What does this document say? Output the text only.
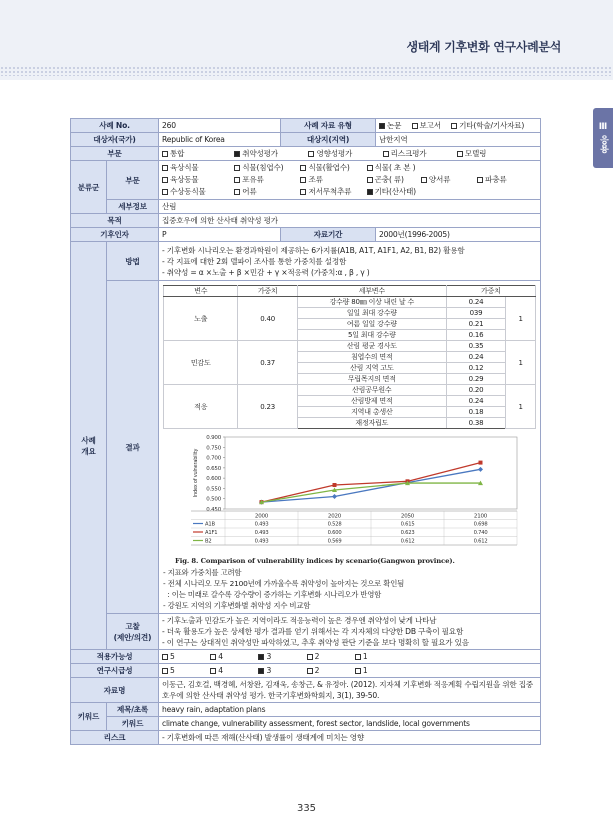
생태계 기후변화 연구사례분석
Ⅲ 응용
사례 No.	260	사례 자료 유형	논문 보고서 기타(학술/기사자료)
대상자(국가)	Republic of Korea	대상지(지역)	남한지역
부문	통합	취약성평가	영향성평가	리스크평가	모델링
분류군	부문	
육상식물	식물(침엽수)	식물(활엽수)	식물( 초 본 )
육상동물	포유류	조류	곤충( 류)	양서류	파충류
수상동식물	어류	저서무척추류	기타(산사태)

세부정보	산림
목적	집중호우에 의한 산사태 취약성 평가
기후인자	P	자료기간	2000년(1996-2005)
사례
개요	방법	
- 기후변화 시나리오는 환경과학원이 제공하는 6가지률(A1B, A1T, A1F1, A2, B1, B2) 활용함
- 각 지표에 대한 2회 델파이 조사를 통한 가중치를 설정함
- 취약성 = α ×노출 + β ×민감 + γ ×적응력 (가중치:α , β , γ )

결과	
변수	가중치	세부변수	가중치
노출	0.40	강수량 80㎜ 이상 내린 날 수	0.24	1
일일 최대 강수량	039
여름 일일 강수량	0.21
5일 최대 강수량	0.16
민감도	0.37	산림 평균 경사도	0.35	1
침엽수의 면적	0.24
산림 지역 고도	0.12
무립목지의 면적	0.29
적응	0.23	산림공무원수	0.20	1
산림방제 면적	0.24
지역내 총생산	0.18
재정자립도	0.38
0.900
0.750
0.700
0.650
0.600
0.550
0.500
0.450
Index of vulnerability
2000	2020	2050	2100
A1B	0.493	0.528	0.615	0.698
A1F1	0.493	0.600	0.623	0.740
B2	0.493	0.569	0.612	0.612
Fig. 8. Comparison of vulnerability indices by scenario(Gangwon province).
- 지표와 가중치를 고려함
- 전체 시나리오 모두 2100년에 가까울수록 취약성이 높아지는 것으로 확인됨
: 이는 미래로 갈수록 강수량이 증가하는 기후변화 시나리오가 반영함
- 강원도 지역의 기후변화별 취약성 지수 비교함

고찰
(제안/의견)	
- 기후노출과 민감도가 높은 지역이라도 적응능력이 높은 경우엔 취약성이 낮게 나타남
- 더욱 활용도가 높은 상세한 평가 결과를 얻기 위해서는 각 지자체의 다양한 DB 구축이 필요함
- 이 연구는 상대적인 취약성만 파악하였고, 추후 취약성 판단 기준을 보다 명확히 할 필요가 있음

적용가능성	5	4	3	2	1
연구시급성	5	4	3	2	1
자료명	이동근, 김호걸, 백경혜, 서창완, 김재욱, 송창근, & 유정아. (2012). 지자체 기후변화 적응계획 수립지원을 위한 집중호우에 의한 산사태 취약성 평가. 한국기후변화학회지, 3(1), 39-50.
키워드	제목/초록	heavy rain, adaptation plans
키워드	climate change, vulnerability assessment, forest sector, landslide, local governments
리스크	- 기후변화에 따른 재해(산사태) 발생률이 생태계에 미치는 영향
335
